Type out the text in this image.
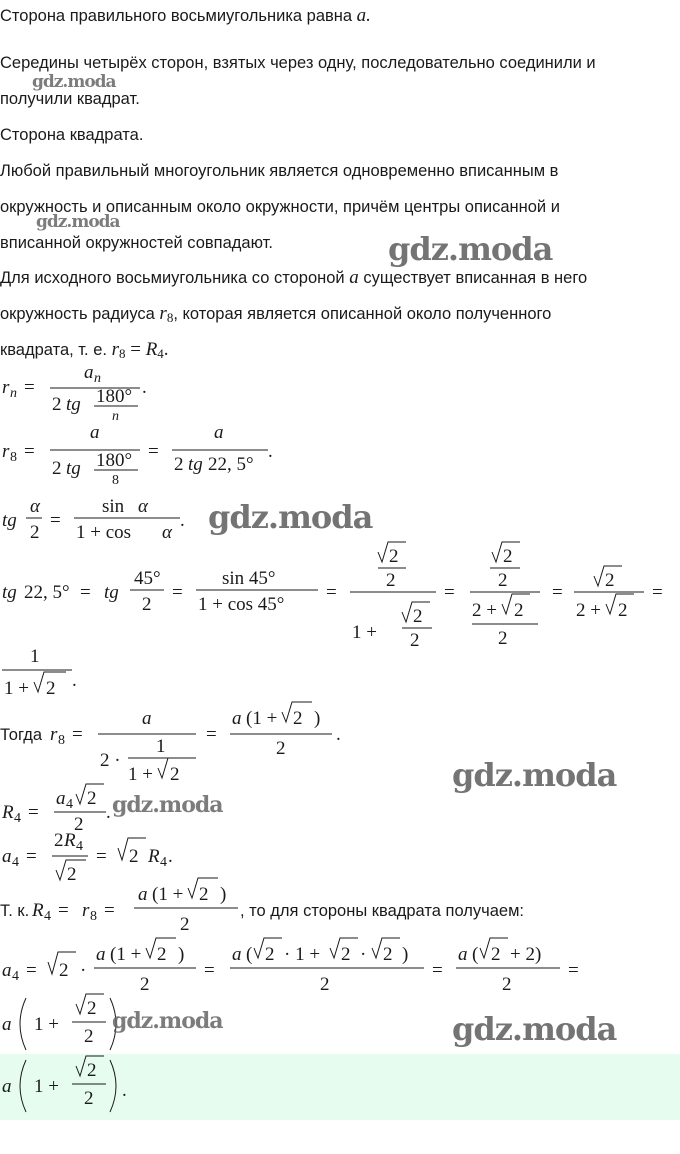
Сторона правильного восьмиугольника равна a.
Середины четырёх сторон, взятых через одну, последовательно соединили и
получили квадрат.
Сторона квадрата.
Любой правильный многоугольник является одновременно вписанным в
окружность и описанным около окружности, причём центры описанной и
вписанной окружностей совпадают.
Для исходного восьмиугольника со стороной a существует вписанная в него
окружность радиуса r8, которая является описанной около полученного
квадрата, т. е. r8 = R4.
r n =
a n
2 tg 180°
n
.
r 8 =
a
2 tg 180°
8
=
a
2 tg 22, 5°
.
tg
α
2
=
sin α
1 + cos α
.
tg 22, 5° = tg
45°
2
=
sin 45°
1 + cos 45°
=
2
2
1 +
2
2
=
2
2
2 + 2
2
=
2
2 + 2
=
1
1 + 2 .
Тогда r 8 =
a
2 ·
1
1 + 2
=
a (1 + 2 )
2
.
R 4 =
a 4 2
2
.
a 4 =
2 R 4
2
= 2 R 4 .
Т. к. R 4 = r 8 =
a (1 + 2 )
2
, то для стороны квадрата получаем:
a 4 = 2 ·
a (1 + 2 )
2
=
a ( 2 · 1 + 2 · 2 )
2
=
a ( 2 + 2)
2
=
a 1 +
2
2
a 1 +
2
2 .
gdz.moda
gdz.moda
gdz.moda
gdz.moda
gdz.moda
gdz.moda
gdz.moda	gdz.moda
